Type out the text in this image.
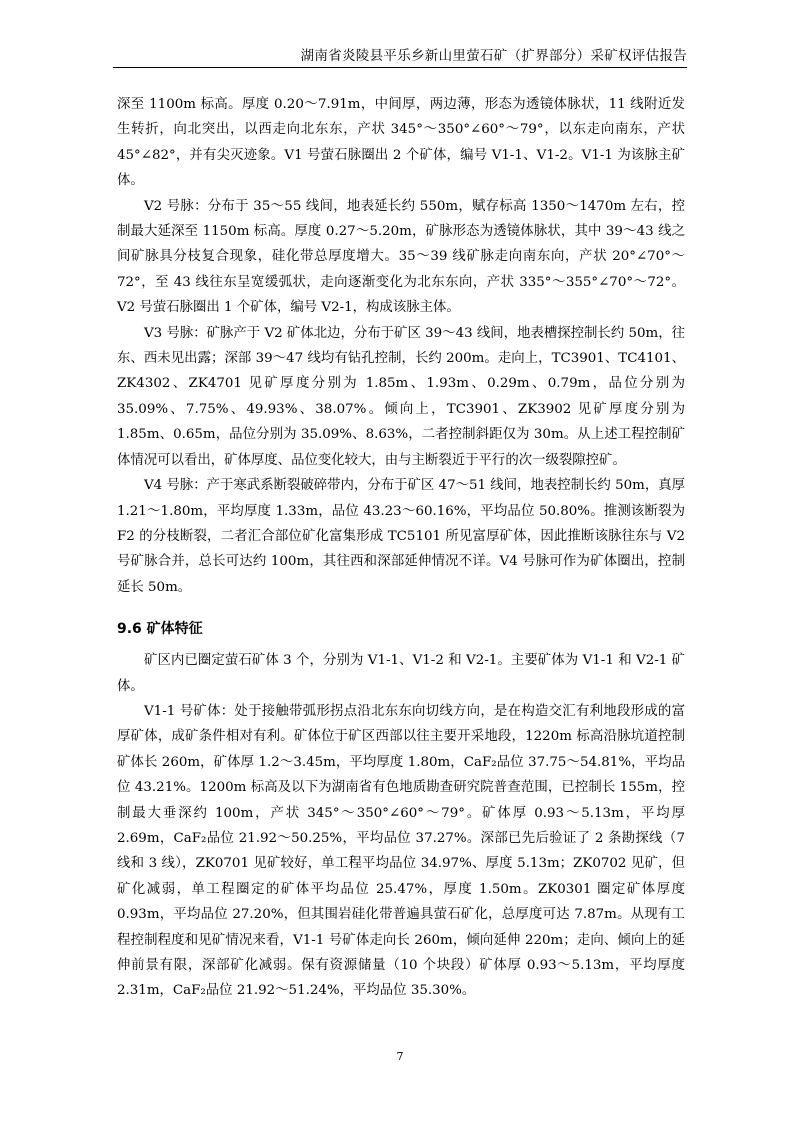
湖南省炎陵县平乐乡新山里萤石矿（扩界部分）采矿权评估报告

深至 1100m 标高。厚度 0.20～7.91m，中间厚，两边薄，形态为透镜体脉状，11 线附近发生转折，向北突出，以西走向北东东，产状 345°～350°∠60°～79°，以东走向南东，产状 45°∠82°，并有尖灭迹象。V1 号萤石脉圈出 2 个矿体，编号 V1-1、V1-2。V1-1 为该脉主矿体。

V2 号脉：分布于 35～55 线间，地表延长约 550m，赋存标高 1350～1470m 左右，控制最大延深至 1150m 标高。厚度 0.27～5.20m，矿脉形态为透镜体脉状，其中 39～43 线之间矿脉具分枝复合现象，硅化带总厚度增大。35～39 线矿脉走向南东向，产状 20°∠70°～72°，至 43 线往东呈宽缓弧状，走向逐渐变化为北东东向，产状 335°～355°∠70°～72°。V2 号萤石脉圈出 1 个矿体，编号 V2-1，构成该脉主体。

V3 号脉：矿脉产于 V2 矿体北边，分布于矿区 39～43 线间，地表槽探控制长约 50m，往东、西未见出露；深部 39～47 线均有钻孔控制，长约 200m。走向上，TC3901、TC4101、ZK4302、ZK4701 见矿厚度分别为 1.85m、1.93m、0.29m、0.79m，品位分别为 35.09%、7.75%、49.93%、38.07%。倾向上，TC3901、ZK3902 见矿厚度分别为 1.85m、0.65m，品位分别为 35.09%、8.63%，二者控制斜距仅为 30m。从上述工程控制矿体情况可以看出，矿体厚度、品位变化较大，由与主断裂近于平行的次一级裂隙控矿。

V4 号脉：产于寒武系断裂破碎带内，分布于矿区 47～51 线间，地表控制长约 50m，真厚 1.21～1.80m，平均厚度 1.33m，品位 43.23～60.16%，平均品位 50.80%。推测该断裂为 F2 的分枝断裂，二者汇合部位矿化富集形成 TC5101 所见富厚矿体，因此推断该脉往东与 V2 号矿脉合并，总长可达约 100m，其往西和深部延伸情况不详。V4 号脉可作为矿体圈出，控制延长 50m。

9.6 矿体特征

矿区内已圈定萤石矿体 3 个，分别为 V1-1、V1-2 和 V2-1。主要矿体为 V1-1 和 V2-1 矿体。

V1-1 号矿体：处于接触带弧形拐点沿北东东向切线方向，是在构造交汇有利地段形成的富厚矿体，成矿条件相对有利。矿体位于矿区西部以往主要开采地段，1220m 标高沿脉坑道控制矿体长 260m，矿体厚 1.2～3.45m，平均厚度 1.80m，CaF₂品位 37.75～54.81%，平均品位 43.21%。1200m 标高及以下为湖南省有色地质勘查研究院普查范围，已控制长 155m，控制最大垂深约 100m，产状 345°～350°∠60°～79°。矿体厚 0.93～5.13m，平均厚 2.69m，CaF₂品位 21.92～50.25%，平均品位 37.27%。深部已先后验证了 2 条勘探线（7 线和 3 线），ZK0701 见矿较好，单工程平均品位 34.97%、厚度 5.13m；ZK0702 见矿，但矿化减弱，单工程圈定的矿体平均品位 25.47%，厚度 1.50m。ZK0301 圈定矿体厚度 0.93m，平均品位 27.20%，但其围岩硅化带普遍具萤石矿化，总厚度可达 7.87m。从现有工程控制程度和见矿情况来看，V1-1 号矿体走向长 260m，倾向延伸 220m；走向、倾向上的延伸前景有限，深部矿化减弱。保有资源储量（10 个块段）矿体厚 0.93～5.13m，平均厚度 2.31m，CaF₂品位 21.92～51.24%，平均品位 35.30%。

7
